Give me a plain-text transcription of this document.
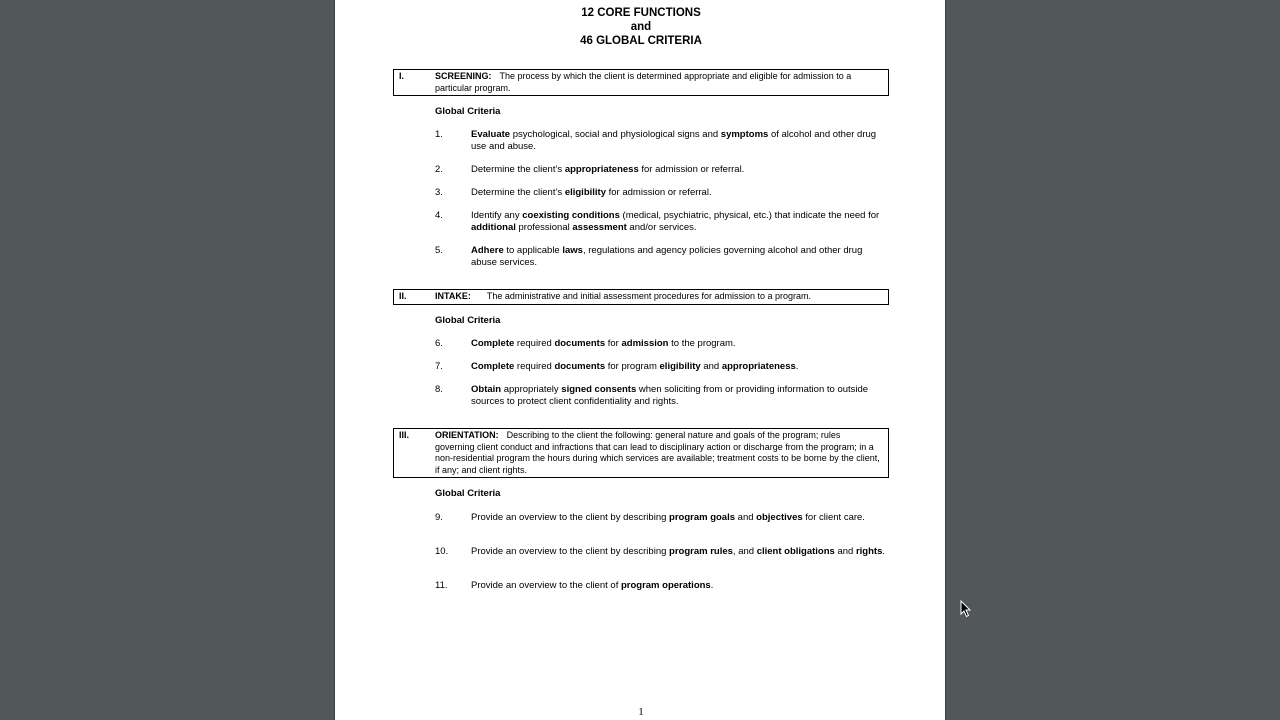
12 CORE FUNCTIONS
and
46 GLOBAL CRITERIA
I.	SCREENING: The process by which the client is determined appropriate and eligible for admission to a particular program.
Global Criteria
1.	Evaluate psychological, social and physiological signs and symptoms of alcohol and other drug use and abuse.
2.	Determine the client’s appropriateness for admission or referral.
3.	Determine the client’s eligibility for admission or referral.
4.	Identify any coexisting conditions (medical, psychiatric, physical, etc.) that indicate the need for additional professional assessment and/or services.
5.	Adhere to applicable laws, regulations and agency policies governing alcohol and other drug abuse services.
II.	INTAKE: The administrative and initial assessment procedures for admission to a program.
Global Criteria
6.	Complete required documents for admission to the program.
7.	Complete required documents for program eligibility and appropriateness.
8.	Obtain appropriately signed consents when soliciting from or providing information to outside sources to protect client confidentiality and rights.
III.	ORIENTATION: Describing to the client the following: general nature and goals of the program; rules governing client conduct and infractions that can lead to disciplinary action or discharge from the program; in a non-residential program the hours during which services are available; treatment costs to be borne by the client, if any; and client rights.
Global Criteria
9.	Provide an overview to the client by describing program goals and objectives for client care.
10. Provide an overview to the client by describing program rules, and client obligations and rights.
11. Provide an overview to the client of program operations.
1
